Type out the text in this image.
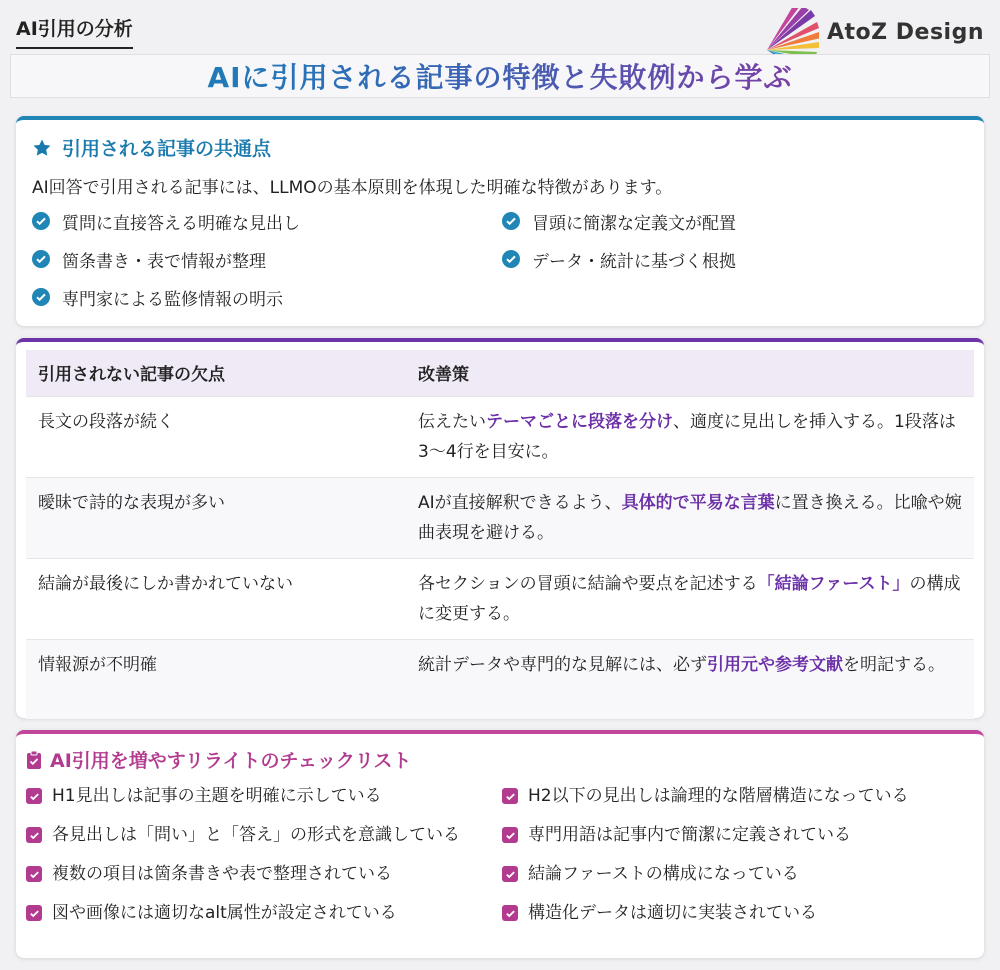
AI引用の分析	AtoZ Design
AIに引用される記事の特徴と失敗例から学ぶ
引用される記事の共通点
AI回答で引用される記事には、LLMOの基本原則を体現した明確な特徴があります。
質問に直接答える明確な見出し	冒頭に簡潔な定義文が配置
箇条書き・表で情報が整理	データ・統計に基づく根拠
専門家による監修情報の明示
引用されない記事の欠点	改善策
長文の段落が続く	伝えたいテーマごとに段落を分け、適度に見出しを挿入する。1段落は3〜4行を目安に。
曖昧で詩的な表現が多い	AIが直接解釈できるよう、具体的で平易な言葉に置き換える。比喩や婉曲表現を避ける。
結論が最後にしか書かれていない	各セクションの冒頭に結論や要点を記述する「結論ファースト」の構成に変更する。
情報源が不明確	統計データや専門的な見解には、必ず引用元や参考文献を明記する。
AI引用を増やすリライトのチェックリスト
H1見出しは記事の主題を明確に示している	H2以下の見出しは論理的な階層構造になっている
各見出しは「問い」と「答え」の形式を意識している	専門用語は記事内で簡潔に定義されている
複数の項目は箇条書きや表で整理されている	結論ファーストの構成になっている
図や画像には適切なalt属性が設定されている	構造化データは適切に実装されている
